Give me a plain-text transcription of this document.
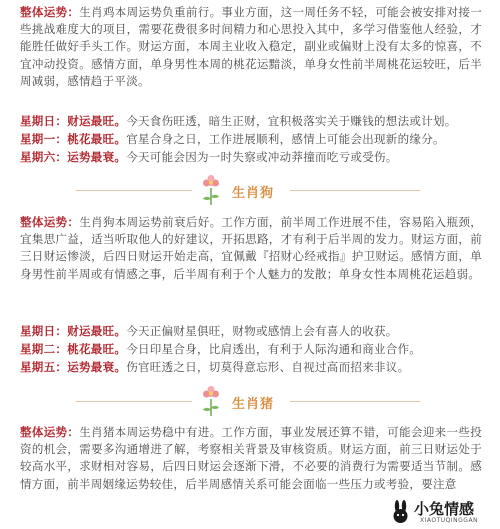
整体运势：生肖鸡本周运势负重前行。事业方面，这一周任务不轻，可能会被安排对接一些挑战难度大的项目，需要花费很多时间精力和心思投入其中，多学习借鉴他人经验，才能胜任做好手头工作。财运方面，本周主业收入稳定，副业或偏财上没有太多的惊喜，不宜冲动投资。感情方面，单身男性本周的桃花运黯淡，单身女性前半周桃花运较旺，后半周减弱，感情趋于平淡。

星期日：财运最旺。今天食伤旺透，暗生正财，宜积极落实关于赚钱的想法或计划。

星期一：桃花最旺。官星合身之日，工作进展顺利，感情上可能会出现新的缘分。

星期六：运势最衰。今天可能会因为一时失察或冲动莽撞而吃亏或受伤。

生肖狗

整体运势：生肖狗本周运势前衰后好。工作方面，前半周工作进展不佳，容易陷入瓶颈，宜集思广益，适当听取他人的好建议，开拓思路，才有利于后半周的发力。财运方面，前三日财运惨淡，后四日财运开始走高，宜佩戴『招财心经戒指』护卫财运。感情方面，单身男性前半周或有情感之事，后半周有利于个人魅力的发散；单身女性本周桃花运趋弱。

星期日：财运最旺。今天正偏财星俱旺，财物或感情上会有喜人的收获。

星期二：桃花最旺。今日印星合身，比肩透出，有利于人际沟通和商业合作。

星期五：运势最衰。伤官旺透之日，切莫得意忘形、自视过高而招来非议。

生肖猪

整体运势：生肖猪本周运势稳中有进。工作方面，事业发展还算不错，可能会迎来一些投资的机会，需要多沟通增进了解，考察相关背景及审核资质。财运方面，前三日财运处于较高水平，求财相对容易，后四日财运会逐渐下滑，不必要的消费行为需要适当节制。感情方面，前半周姻缘运势较佳，后半周感情关系可能会面临一些压力或考验，要注意

小兔情感
XIAOTUQINGGAN
